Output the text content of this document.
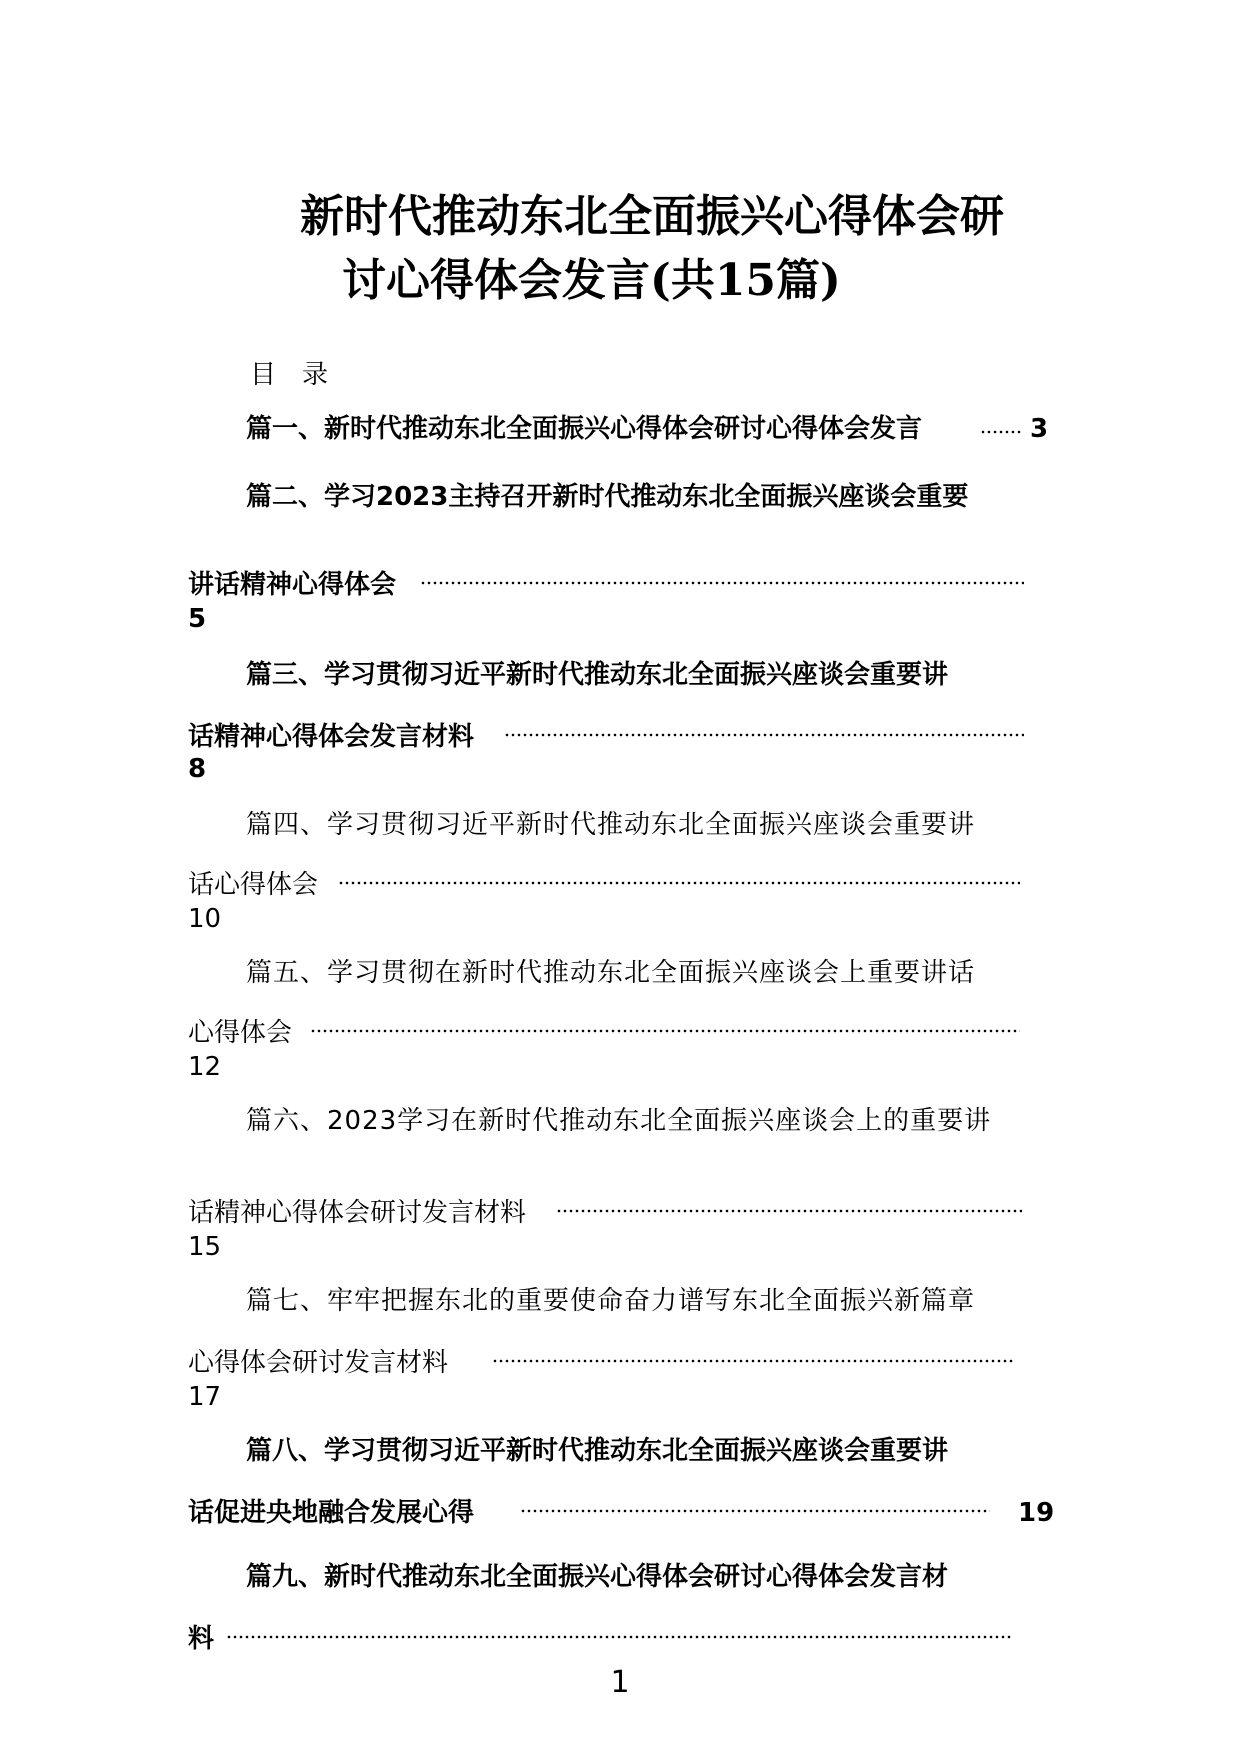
新时代推动东北全面振兴心得体会研
讨心得体会发言(共15篇)
目录
篇一、新时代推动东北全面振兴心得体会研讨心得体会发言	3
篇二、学习2023主持召开新时代推动东北全面振兴座谈会重要
讲话精神心得体会
5
篇三、学习贯彻习近平新时代推动东北全面振兴座谈会重要讲
话精神心得体会发言材料
8
篇四、学习贯彻习近平新时代推动东北全面振兴座谈会重要讲
话心得体会
10
篇五、学习贯彻在新时代推动东北全面振兴座谈会上重要讲话
心得体会
12
篇六、2023学习在新时代推动东北全面振兴座谈会上的重要讲
话精神心得体会研讨发言材料
15
篇七、牢牢把握东北的重要使命奋力谱写东北全面振兴新篇章
心得体会研讨发言材料
17
篇八、学习贯彻习近平新时代推动东北全面振兴座谈会重要讲
话促进央地融合发展心得	19
篇九、新时代推动东北全面振兴心得体会研讨心得体会发言材
料
1
